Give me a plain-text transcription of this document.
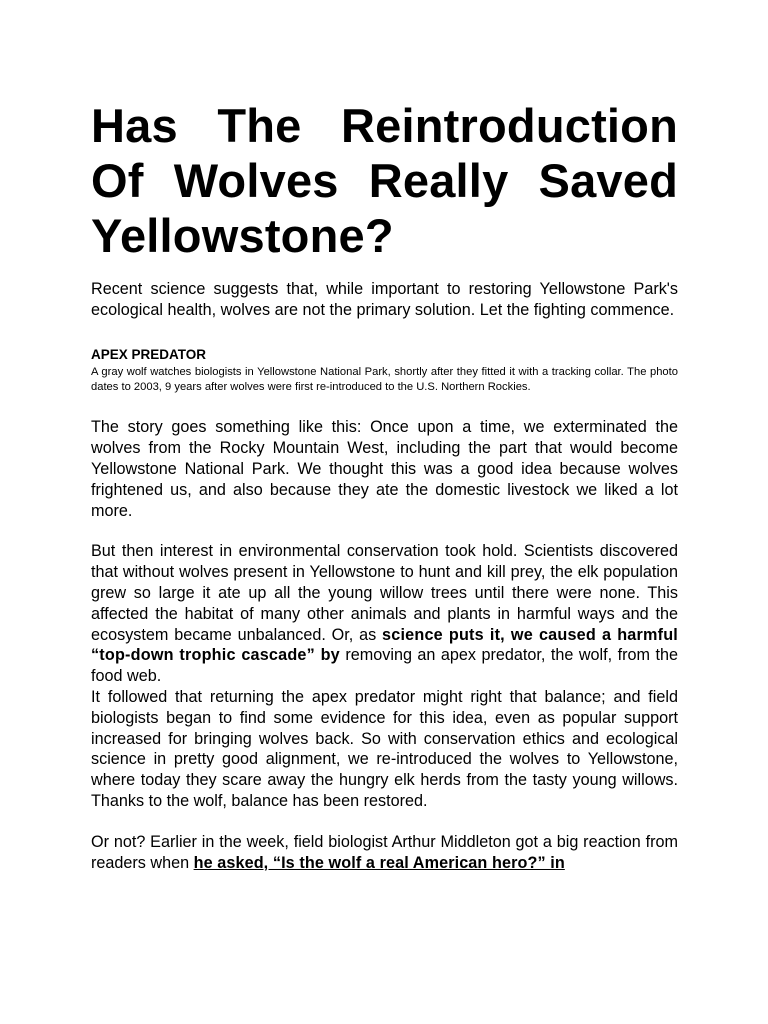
Has The Reintroduction Of Wolves Really Saved Yellowstone?

Recent science suggests that, while important to restoring Yellowstone Park's ecological health, wolves are not the primary solution. Let the fighting commence.

APEX PREDATOR

A gray wolf watches biologists in Yellowstone National Park, shortly after they fitted it with a tracking collar. The photo dates to 2003, 9 years after wolves were first re-introduced to the U.S. Northern Rockies.

The story goes something like this: Once upon a time, we exterminated the wolves from the Rocky Mountain West, including the part that would become Yellowstone National Park. We thought this was a good idea because wolves frightened us, and also because they ate the domestic livestock we liked a lot more.

But then interest in environmental conservation took hold. Scientists discovered that without wolves present in Yellowstone to hunt and kill prey, the elk population grew so large it ate up all the young willow trees until there were none. This affected the habitat of many other animals and plants in harmful ways and the ecosystem became unbalanced. Or, as science puts it, we caused a harmful “top-down trophic cascade” by removing an apex predator, the wolf, from the food web.

It followed that returning the apex predator might right that balance; and field biologists began to find some evidence for this idea, even as popular support increased for bringing wolves back. So with conservation ethics and ecological science in pretty good alignment, we re-introduced the wolves to Yellowstone, where today they scare away the hungry elk herds from the tasty young willows. Thanks to the wolf, balance has been restored.

Or not? Earlier in the week, field biologist Arthur Middleton got a big reaction from readers when he asked, “Is the wolf a real American hero?” in
